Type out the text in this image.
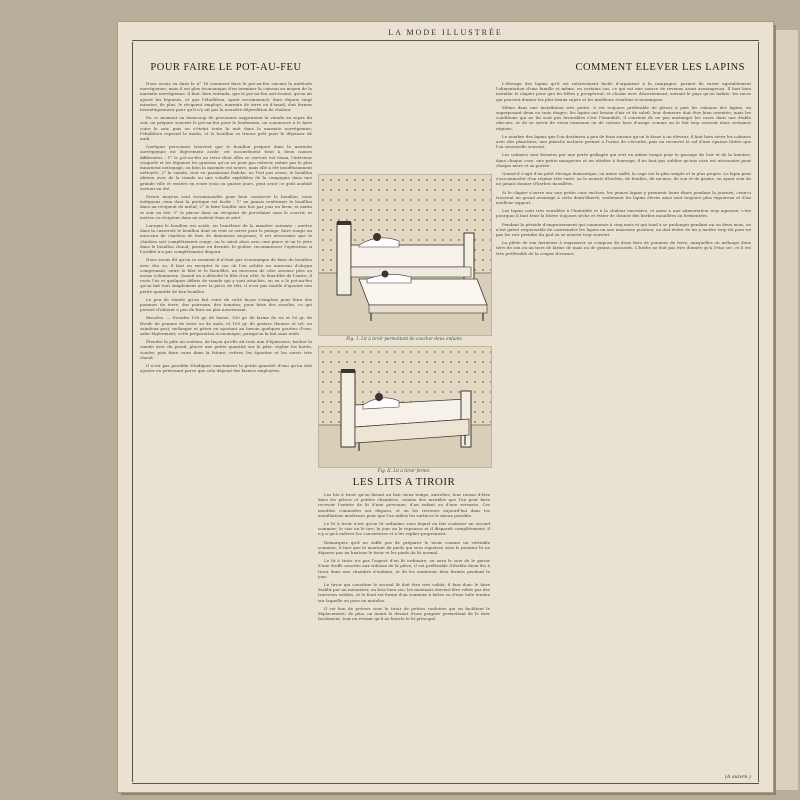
LA MODE ILLUSTRÉE
POUR FAIRE LE POT-AU-FEU

Nous avons vu dans le n° 16 comment faire le pot-au-feu suivant la méthode norvégienne; mais il est plus économique d'en terminer la cuisson au moyen de la marmite norvégienne. Il faut, bien entendu, que le pot-au-feu soit écumé, qu'on ait ajouté les légumes, et que l'ébullition, ayant recommencé, dure depuis vingt minutes; de plus, le récipient employé, marmite de terre ou d'émail, doit fermer hermétiquement pour qu'il n'y ait pas la moindre déperdition de chaleur.

En ce moment on beaucoup de personnes suppriment la viande en repas du soir, on prépare souvent le pot-au-feu pour le lendemain, on commence à le faire cuire le soir, puis on s'éteint toute la nuit dans la marmite norvégienne; l'ébullition reprend le matin, et le bouillon se trouve prêt pour le déjeuner de midi.

Quelques personnes trouvent que le bouillon préparé dans la marmite norvégienne est légèrement acide; cet inconvénient tient à deux causes différentes : 1° le pot-au-feu en terre dont elles se servent est vieux, l'intérieur craquelé et les légumes les graisses qu'on ne peut pas enlever, même par le plus minutieux nettoyage, ou bien la marmite est neuve, mais elle a été insuffisamment nettoyée; 2° la viande, tout en paraissant fraîche, ne l'est pas assez; le bouillon obtenu avec de la viande ou une volaille expédiées de la campagne dans une grande ville et restées en route trois ou quatre jours, peut avoir ce goût acidulé surtout en été.

Divers moyens sont recommandés pour bien conserver le bouillon, nous indiquons ceux dont la pratique est facile : 1° ne jamais renfermer le bouillon dans un récipient de métal; 2° le faire bouillir une fois par jour en hiver, et matin et soir en été; 3° le placer dans un récipient de porcelaine sans le couvrir, et mettre ce récipient dans un endroit frais et aéré.

Lorsque le bouillon est acide, on l'améliore de la manière suivante : mettre dans la casserole le bouillon dont on veut se servir pour le potage; faire rougir un morceau de charbon de bois de dimension moyenne; il est nécessaire que le charbon soit complètement rouge; on le saisit alors avec une pince et on le jette dans le bouillon chaud; passer en dernier, le goûter, recommencer l'opération si l'acidité n'a pas complètement disparu.

Nous avons dit qu'on ce moment il n'était pas économique de faire du bouillon avec des os; il faut en excepter le cas où l'on achète un morceau d'aloyau comprenant, entre le filet et le faux-filet, un morceau de côte osseuse plus ou moins volumineux. Quand on a détaché le filet d'un côté, le faux-filet de l'autre, il reste l'os et quelques débris de viande qui y sont attachés; on en a le pot-au-feu qu'on fait tout simplement avec la pièce de rôti; il n'est pas inutile d'ajouter une petite quantité de bon bouillon.

Le peu de viande qu'on fait cuire de cette façon s'emploie pour faire des pommes de terre, des poireaux, des tomates; pour faire des rissoles, ce qui permet d'obtenir à peu de frais un plat nourrissant.

Rissoles. — Prendre 150 gr. de farine, 100 gr. de farine de riz et 50 gr. de fécule de pomme de terre ou de maïs, et 100 gr. de graisse (beurre et sel, ou saindoux pur); mélanger et pétrir en ajoutant au besoin quelques gouttes d'eau; saler légèrement; cette préparation économique, puisqu'on la fait sans œufs.

Étendre la pâte au rouleau, de façon qu'elle ait trois mm d'épaisseur; hacher la viande avec du persil, placer une petite quantité sur la pâte, replier les bords, souder, puis faire cuire dans la friture; retirer, les égoutter et les servir très chaud.

Il n'est pas possible d'indiquer exactement la petite quantité d'eau qu'on doit ajouter en pétrissant parce que cela dépend des farines employées.

Fig. 1. Lit à tiroir permettant de coucher deux enfants
Fig. II. Lit à tiroir fermé.
LES LITS A TIROIR

Les lits à tiroir qu'on faisait au bon vieux temps, autrefois, leur raison d'être dans les pièces et petites chambres, comme des meubles que l'on peut faire recevoir l'entrée de lit d'une personne, d'un enfant ou d'une servante. Ces meubles commodes ont disparu, et on les retrouve aujourd'hui dans les installations modernes pour que l'on utilise les surfaces le mieux possible.

Le lit à tiroir n'est qu'un lit ordinaire sous lequel on fait coulisser un second sommier; le soir on le tire; le jour on le repousse et il disparaît complètement; il n'y a qu'à enlever les couvertures et à les replier proprement.

Remarquez qu'il ne suffit pas de préparer le tiroir comme un véritable sommier; il faut que le montant de pieds qui sera repoussé sous le premier lit ne dépasse pas en hauteur le tiroir et les pieds du lit normal.

Le lit à tiroir n'a pas l'aspect d'un lit ordinaire; on aura le soin de le garnir d'une étoffe assortie aux rideaux de la pièce; il est préférable d'établir deux lits à tiroir dans une chambre d'enfants, et de les maintenir bien fermés pendant le jour.

Le tiroir qui constitue le second lit doit être très solide, il faut donc le faire établir par un menuisier, en bois bien sec; les montants doivent être reliés par des traverses solides, et le fond est formé d'un sommier à lattes ou d'une toile tendue sur laquelle on pose un matelas.

Il est bon de prévoir sous le tiroir de petites roulettes qui en facilitent le déplacement; de plus, on munit le devant d'une poignée permettant de le tirer facilement, tout en évitant qu'il ne heurte le lit principal.

COMMENT ÉLEVER LES LAPINS

L'élevage des lapins qu'il est relativement facile d'organiser à la campagne, permet de varier agréablement l'alimentation d'une famille et même, en certains cas, ce qui est une source de revenus assez avantageuse. Il faut bien installer le clapier pour que les bêtes y prospèrent, et choisir avec discernement, suivant le pays qu'on habite, les races qui peuvent donner les plus beaux sujets et les meilleurs résultats économiques.

Même dans une installation très petite, il est toujours préférable de placer à part les cabanes des lapins, en superposant deux ou trois étages; les lapins ont besoin d'air et de soleil; leur demeure doit être bien orientée; mais les conditions qui ne lui sont pas favorables c'est l'humidité; il convient de ne pas aménager les cases dans une étable obscure, et de se servir de vieux tonneaux ou de caisses hors d'usage comme on le fait trop souvent dans certaines régions.

Le nombre des lapins que l'on destinera à peu de frais suivant qu'on le fasse à un éleveur, il faut bien aérer les cabanes avec des planchers, une planche inclinée permet à l'urine de s'écouler, puis en recouvre le sol d'une épaisse litière que l'on renouvelle souvent.

Les cabanes sont fermées par une porte grillagée qui sert en même temps pour le passage de l'air et de la lumière; dans chaque case, une petite mangeoire et un râtelier à fourrage; il ne faut pas oublier qu'une case est nécessaire pour chaque mère et sa portée.

Quand il s'agit d'un petit élevage domestique, on mène suffit; la cage est la plus simple et la plus propre. Le lapin peut s'accommoder d'un régime très varié; on le nourrit d'herbes, de feuilles, de racines, de son et de grains, en ayant soin de ne jamais donner d'herbes mouillées.

Si le clapier s'ouvre sur une petite cour enclose, les jeunes lapins y prennent leurs ébats pendant la journée, ceux-ci trouvent un grand avantage à cette demi-liberté; seulement les lapins élevés ainsi sont toujours plus vigoureux et d'un meilleur rapport.

Les lapins sont très sensibles à l'humidité et à la chaleur excessive, et aussi à une alimentation trop aqueuse; c'est pourquoi il faut tenir la litière toujours sèche et éviter de donner des herbes mouillées ou fermentées.

Pendant la période d'engraissement qui commence à cinq mois et qui tend à se prolonger pendant un ou deux mois, on n'est guère responsable de contraindre les lapins en une mauvaise position; on doit éviter de les y mettre trop tôt pour ne pas les voir prendre du poil ou se nourrir trop souvent.

La pâtée de son farineuse à engraisser se compose de deux tiers de pommes de terre, auxquelles on mélange deux tiers de son ou un tiers de farine de maïs ou de grains concassés. L'herbe ne doit pas être donnée qu'à l'état sec, et il est très préférable de la couper d'avance.

(A suivre.)
